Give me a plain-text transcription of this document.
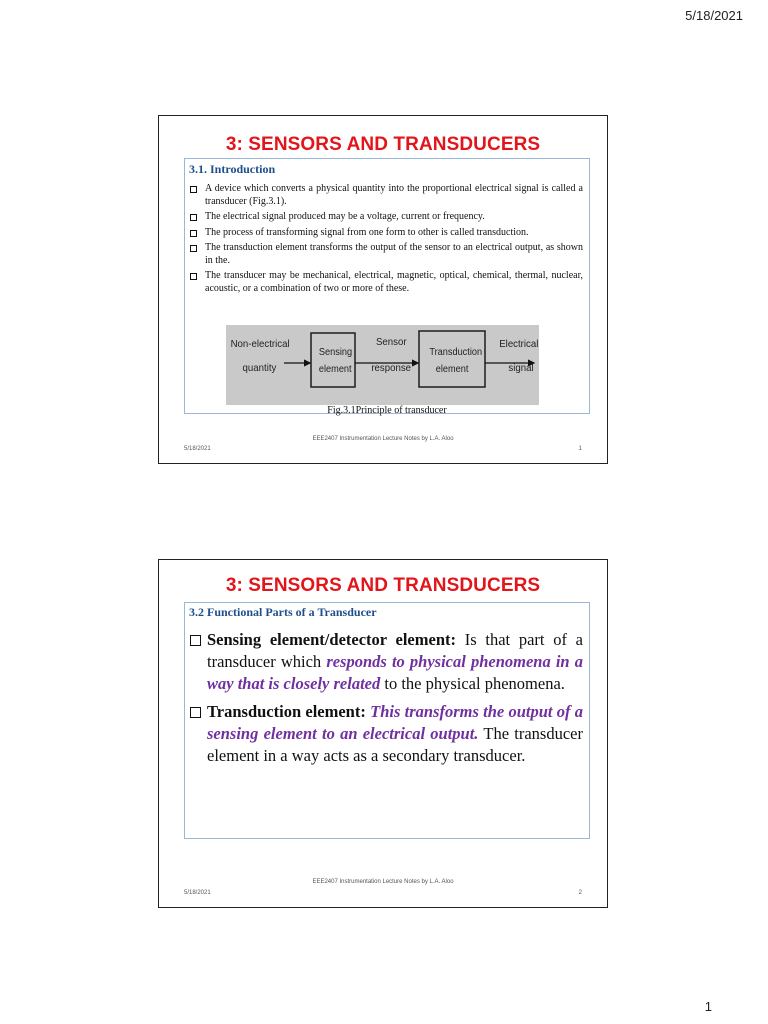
5/18/2021
3: SENSORS AND TRANSDUCERS
3.1. Introduction
A device which converts a physical quantity into the proportional electrical signal is called a transducer (Fig.3.1).
The electrical signal produced may be a voltage, current or frequency.
The process of transforming signal from one form to other is called transduction.
The transduction element transforms the output of the sensor to an electrical output, as shown in the.
The transducer may be mechanical, electrical, magnetic, optical, chemical, thermal, nuclear, acoustic, or a combination of two or more of these.
Non-electrical
quantity
Sensing
element
Sensor
response
Transduction
element
Electrical
signal
Fig.3.1Principle of transducer
EEE2407 Instrumentation Lecture Notes by L.A. Aloo
5/18/2021	1
3: SENSORS AND TRANSDUCERS
3.2 Functional Parts of a Transducer
Sensing element/detector element: Is that part of a transducer which responds to physical phenomena in a way that is closely related to the physical phenomena.
Transduction element: This transforms the output of a sensing element to an electrical output. The transducer element in a way acts as a secondary transducer.
EEE2407 Instrumentation Lecture Notes by L.A. Aloo
5/18/2021	2
1
